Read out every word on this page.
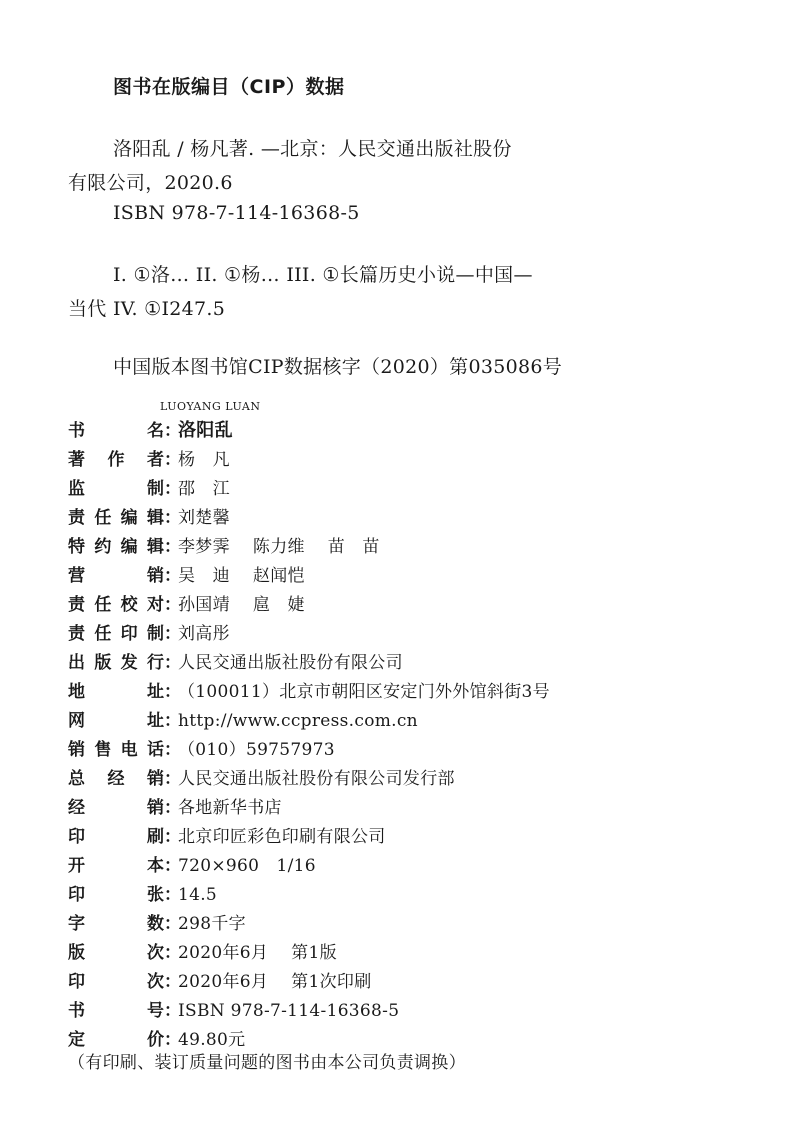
图书在版编目（CIP）数据
洛阳乱 / 杨凡著. —北京：人民交通出版社股份
有限公司，2020.6
ISBN 978-7-114-16368-5
I. ①洛… II. ①杨… III. ①长篇历史小说—中国—
当代 IV. ①I247.5
中国版本图书馆CIP数据核字（2020）第035086号
LUOYANG LUAN
书	名 ：
洛阳乱
著 作 者 ：
杨　凡
监	制 ：
邵　江
责 任 编 辑 ：
刘楚馨
特 约 编 辑 ：
李梦霁　 陈力维　 苗　苗
营	销 ：
吴　迪　 赵闻恺
责 任 校 对 ：
孙国靖　 扈　婕
责 任 印 制 ：
刘高彤
出 版 发 行 ：
人民交通出版社股份有限公司
地	址 ：
（100011）北京市朝阳区安定门外外馆斜街3号
网	址 ：
http://www.ccpress.com.cn
销 售 电 话 ：
（010）59757973
总 经 销 ：
人民交通出版社股份有限公司发行部
经	销 ：
各地新华书店
印	刷 ：
北京印匠彩色印刷有限公司
开	本 ：
720×960　1/16
印	张 ：
14.5
字	数 ：
298千字
版	次 ：
2020年6月　 第1版
印	次 ：
2020年6月　 第1次印刷
书	号 ：
ISBN 978-7-114-16368-5
定	价 ：
49.80元
（有印刷、装订质量问题的图书由本公司负责调换）
